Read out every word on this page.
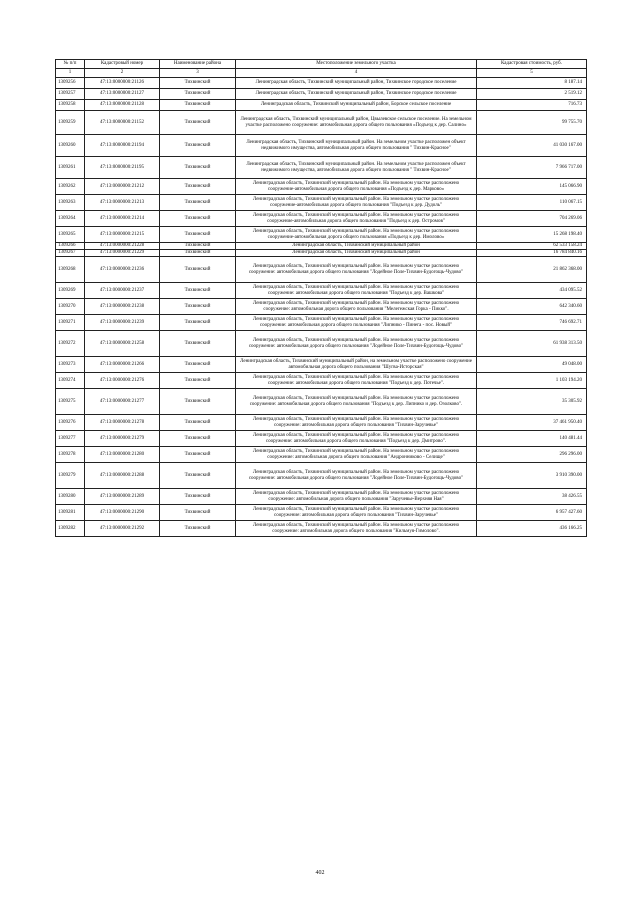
№ п/п	Кадастровый номер	Наименование района	Местоположение земельного участка	Кадастровая стоимость, руб.
1	2	3	4	5
1309256	47:13:0000000:21126	Тихвинский	Ленинградская область, Тихвинский муниципальный район, Тихвинское городское поселение	8 187.14
1309257	47:13:0000000:21127	Тихвинский	Ленинградская область, Тихвинский муниципальный район, Тихвинское городское поселение	2 519.12
1309258	47:13:0000000:21128	Тихвинский	Ленинградская область, Тихвинский муниципальный район, Борское сельское поселение	716.73
1309259	47:13:0000000:21152	Тихвинский	Ленинградская область, Тихвинский муниципальный район, Цвылевское сельское поселение. На земельном участке расположено сооружение: автомобильная дорога общего пользования «Подъезд к дер. Салино»	99 755.70
1309260	47:13:0000000:21194	Тихвинский	Ленинградская область, Тихвинский муниципальный район. На земельном участке расположен объект недвижимого имущества, автомобильная дорога общего пользования " Тихвин-Красное"	41 030 167.00
1309261	47:13:0000000:21195	Тихвинский	Ленинградская область, Тихвинский муниципальный район. На земельном участке расположен объект недвижимого имущества, автомобильная дорога общего пользования " Тихвин-Красное"	7 966 717.00
1309262	47:13:0000000:21212	Тихвинский	Ленинградская область, Тихвинский муниципальный район. На земельном участке расположено сооружение-автомобильная дорога общего пользования «Подъезд к дер. Марково»	145 066.90
1309263	47:13:0000000:21213	Тихвинский	Ленинградская область, Тихвинский муниципальный район. На земельном участке расположено сооружение-автомобильная дорога общего пользования "Подъезд к дер. Дудоль"	110 067.15
1309264	47:13:0000000:21214	Тихвинский	Ленинградская область, Тихвинский муниципальный район. На земельном участке расположено сооружение-автомобильная дорога общего пользования "Подъезд к дер. Остромов"	704 269.06
1309265	47:13:0000000:21215	Тихвинский	Ленинградская область, Тихвинский муниципальный район. На земельном участке расположено сооружение-автомобильная дорога общего пользования «Подъезд к дер. Имолово»	15 268 198.40
1309266	47:13:0000000:21228	Тихвинский	Ленинградская область, Тихвинский муниципальный район	62 533 158.24
1309267	47:13:0000000:21229	Тихвинский	Ленинградская область, Тихвинский муниципальный район	16 784 840.16
1309268	47:13:0000000:21236	Тихвинский	Ленинградская область, Тихвинский муниципальный район. На земельном участке расположено сооружение: автомобильная дорога общего пользования "Лодейное Поле-Тихвин-Будогощь-Чудово"	21 862 368.00
1309269	47:13:0000000:21237	Тихвинский	Ленинградская область, Тихвинский муниципальный район. На земельном участке расположено сооружение: автомобильная дорога общего пользования "Подъезд к дер. Вашкова"	434 095.52
1309270	47:13:0000000:21238	Тихвинский	Ленинградская область, Тихвинский муниципальный район. На земельном участке расположено сооружение: автомобильная дорога общего пользования "Мелегежская Горка - Пикко".	642 340.60
1309271	47:13:0000000:21239	Тихвинский	Ленинградская область, Тихвинский муниципальный район. На земельном участке расположено сооружение: автомобильная дорога общего пользования "Липнико - Пинега - пос. Новый"	746 692.71
1309272	47:13:0000000:21258	Тихвинский	Ленинградская область, Тихвинский муниципальный район. На земельном участке расположено сооружение: автомобильная дорога общего пользования "Лодейное Поле-Тихвин-Будогощь-Чудово"	61 938 313.50
1309273	47:13:0000000:21266	Тихвинский	Ленинградская область, Тихвинский муниципальный район, на земельном участке расположено сооружение автомобильная дорога общего пользования "Шугва-Исторская"	49 048.00
1309274	47:13:0000000:21276	Тихвинский	Ленинградская область, Тихвинский муниципальный район. На земельном участке расположено сооружение: автомобильная дорога общего пользования "Подъезд к дер. Потечье".	1 103 194.20
1309275	47:13:0000000:21277	Тихвинский	Ленинградская область, Тихвинский муниципальный район. На земельном участке расположено сооружение: автомобильная дорога общего пользования "Подъезд к дер. Липнико и дер. Озолково".	35 305.92
1309276	47:13:0000000:21278	Тихвинский	Ленинградская область, Тихвинский муниципальный район. На земельном участке расположено сооружение: автомобильная дорога общего пользования "Тихвин-Заручевье"	37 461 950.40
1309277	47:13:0000000:21279	Тихвинский	Ленинградская область, Тихвинский муниципальный район. На земельном участке расположено сооружение: автомобильная дорога общего пользования "Подъезд к дер. Дмитрово".	140 481.44
1309278	47:13:0000000:21280	Тихвинский	Ленинградская область, Тихвинский муниципальный район. На земельном участке расположено сооружение: автомобильная дорога общего пользования "Андронниково - Селище"	296 296.00
1309279	47:13:0000000:21288	Тихвинский	Ленинградская область, Тихвинский муниципальный район. На земельном участке расположено сооружение: автомобильная дорога общего пользования "Лодейное Поле-Тихвин-Будогощь-Чудово"	3 910 390.00
1309280	47:13:0000000:21289	Тихвинский	Ленинградская область, Тихвинский муниципальный район. На земельном участке расположено сооружение: автомобильная дорога общего пользования "Заручевье-Верхняя Ная"	38 426.55
1309281	47:13:0000000:21290	Тихвинский	Ленинградская область, Тихвинский муниципальный район. На земельном участке расположено сооружение: автомобильная дорога общего пользования "Тихвин-Заручевье"	6 957 427.60
1309282	47:13:0000000:21292	Тихвинский	Ленинградская область, Тихвинский муниципальный район. На земельном участке расположено сооружение: автомобильная дорога общего пользования "Кильмуя-Гимолово".	436 166.25
402
